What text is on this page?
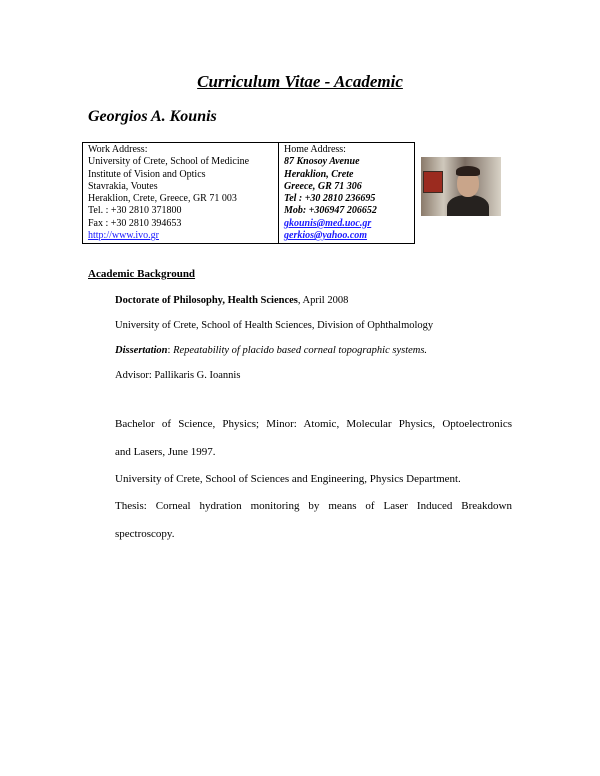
Curriculum Vitae - Academic
Georgios A. Kounis
Work Address:
University of Crete, School of Medicine
Institute of Vision and Optics
Stavrakia, Voutes
Heraklion, Crete, Greece, GR 71 003
Tel. : +30 2810 371800
Fax : +30 2810 394653
http://www.ivo.gr

Home Address:
87 Knosoy Avenue
Heraklion, Crete
Greece, GR 71 306
Tel : +30 2810 236695
Mob: +306947 206652
gkounis@med.uoc.gr
gerkios@yahoo.com
Academic Background
Doctorate of Philosophy, Health Sciences, April 2008
University of Crete, School of Health Sciences, Division of Ophthalmology
Dissertation: Repeatability of placido based corneal topographic systems.
Advisor: Pallikaris G. Ioannis
Bachelor of Science, Physics; Minor: Atomic, Molecular Physics, Optoelectronics
and Lasers, June 1997.
University of Crete, School of Sciences and Engineering, Physics Department.
Thesis: Corneal hydration monitoring by means of Laser Induced Breakdown
spectroscopy.
